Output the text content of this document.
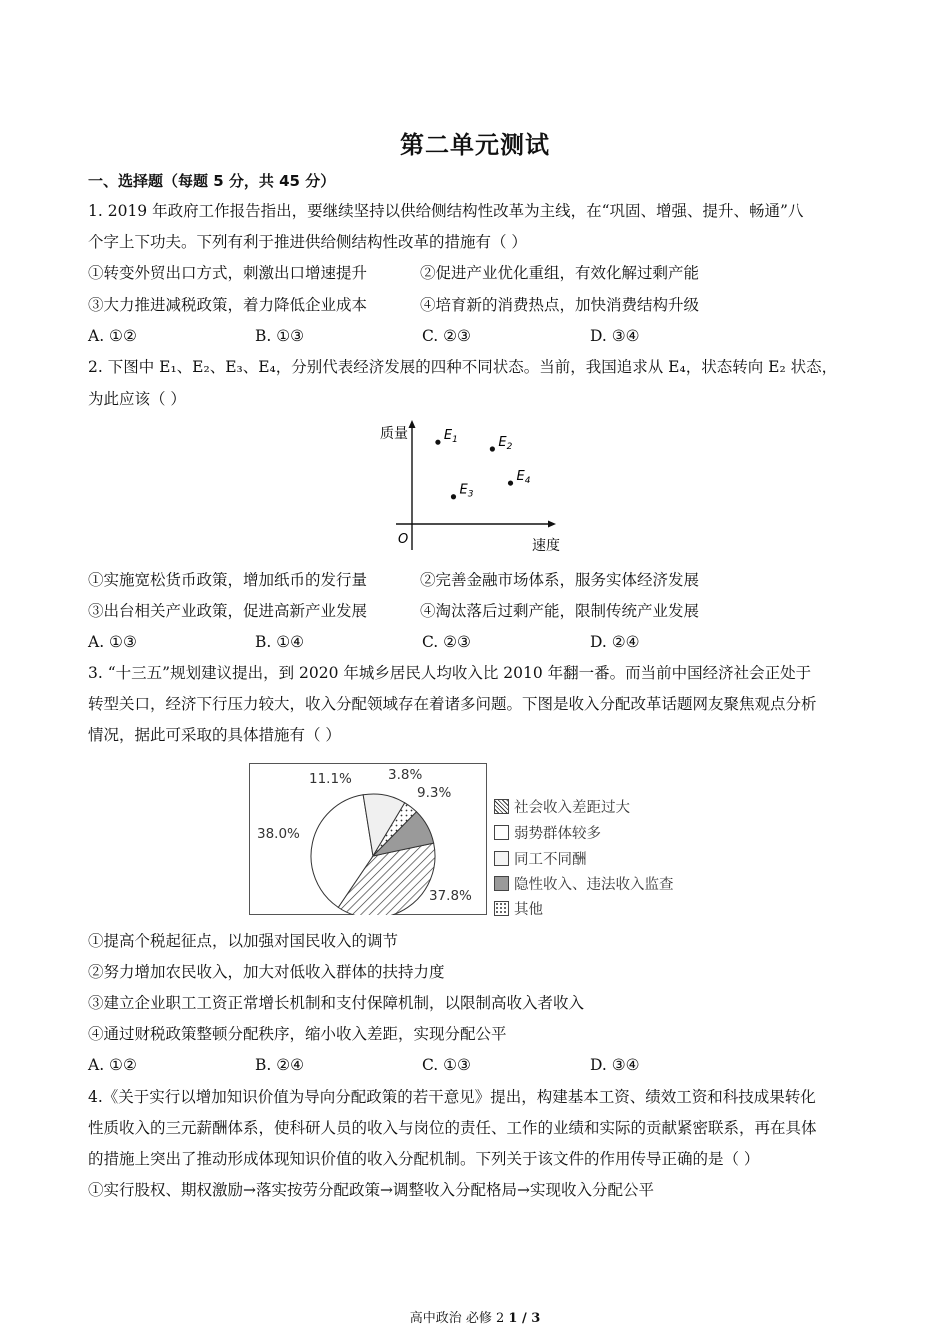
第二单元测试
一、选择题（每题 5 分，共 45 分）
1. 2019 年政府工作报告指出，要继续坚持以供给侧结构性改革为主线，在“巩固、增强、提升、畅通”八
个字上下功夫。下列有利于推进供给侧结构性改革的措施有（ ）
①转变外贸出口方式，刺激出口增速提升	②促进产业优化重组，有效化解过剩产能
③大力推进减税政策，着力降低企业成本	④培育新的消费热点，加快消费结构升级
A. ①②	B. ①③	C. ②③	D. ③④
2. 下图中 E₁、E₂、E₃、E₄，分别代表经济发展的四种不同状态。当前，我国追求从 E₄，状态转向 E₂ 状态，
为此应该（ ）
质量
速度
O
$E_1$	$E_2$
$E_3$
$E_4$
①实施宽松货币政策，增加纸币的发行量	②完善金融市场体系，服务实体经济发展
③出台相关产业政策，促进高新产业发展	④淘汰落后过剩产能，限制传统产业发展
A. ①③	B. ①④	C. ②③	D. ②④
3. “十三五”规划建议提出，到 2020 年城乡居民人均收入比 2010 年翻一番。而当前中国经济社会正处于
转型关口，经济下行压力较大，收入分配领域存在着诸多问题。下图是收入分配改革话题网友聚焦观点分析
情况，据此可采取的具体措施有（ ）
37.8%
38.0%
11.1%	3.8%
9.3%
社会收入差距过大
弱势群体较多
同工不同酬
隐性收入、违法收入监查
其他
①提高个税起征点，以加强对国民收入的调节
②努力增加农民收入，加大对低收入群体的扶持力度
③建立企业职工工资正常增长机制和支付保障机制，以限制高收入者收入
④通过财税政策整顿分配秩序，缩小收入差距，实现分配公平
A. ①②	B. ②④	C. ①③	D. ③④
4.《关于实行以增加知识价值为导向分配政策的若干意见》提出，构建基本工资、绩效工资和科技成果转化
性质收入的三元薪酬体系，使科研人员的收入与岗位的责任、工作的业绩和实际的贡献紧密联系，再在具体
的措施上突出了推动形成体现知识价值的收入分配机制。下列关于该文件的作用传导正确的是（ ）
①实行股权、期权激励→落实按劳分配政策→调整收入分配格局→实现收入分配公平
高中政治 必修 2 1 / 3
